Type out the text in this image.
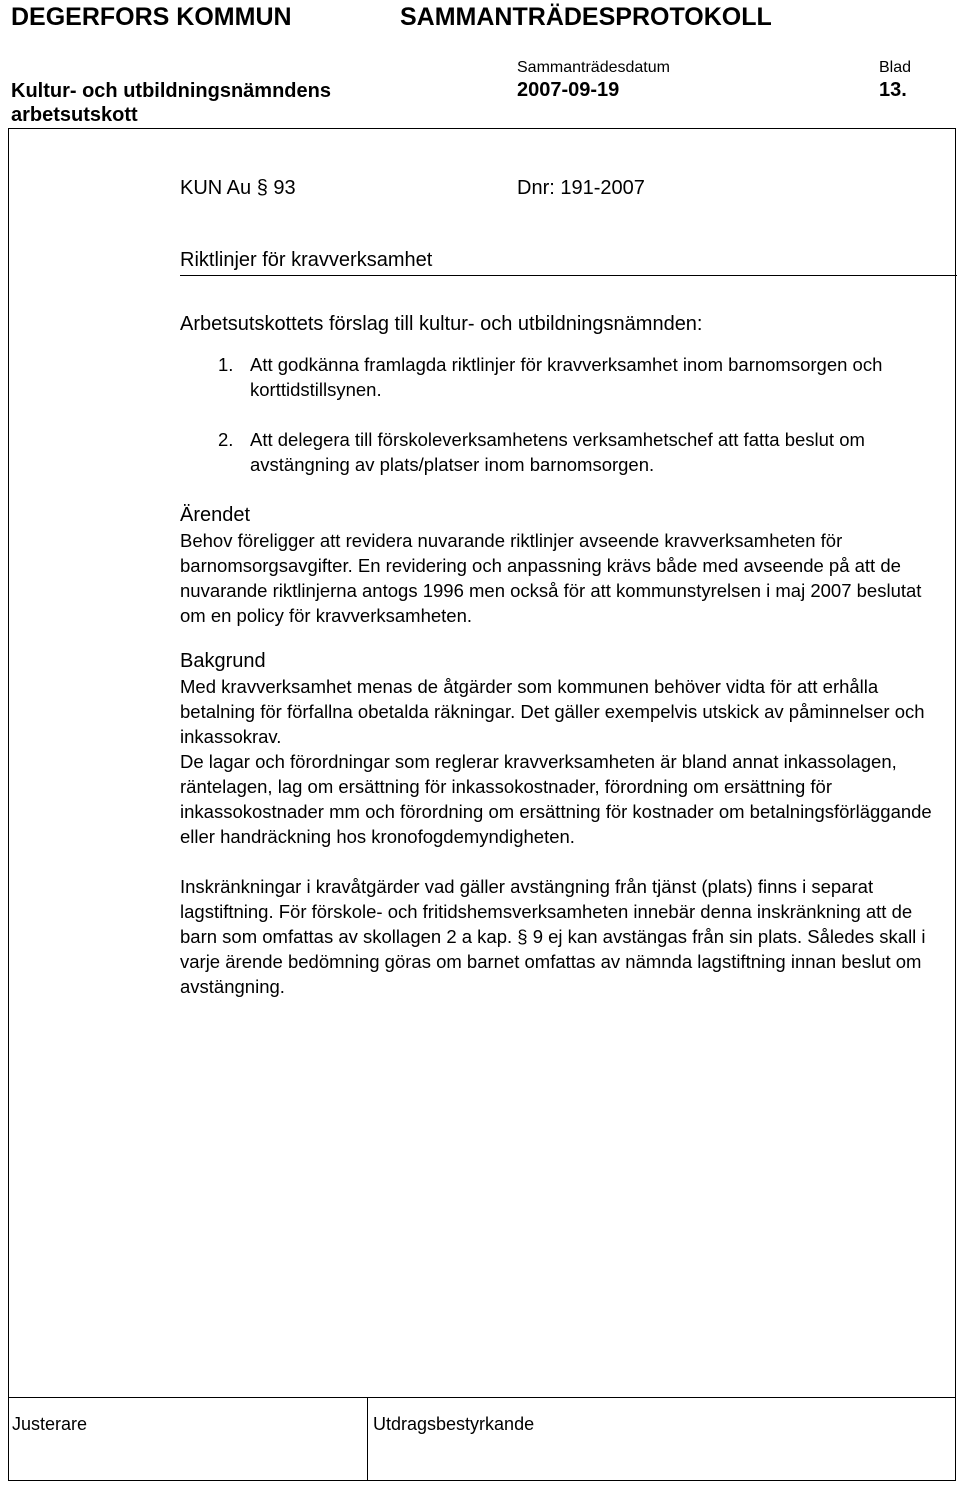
DEGERFORS KOMMUN	SAMMANTRÄDESPROTOKOLL
Sammanträdesdatum	Blad
Kultur- och utbildningsnämndens arbetsutskott
2007-09-19	13.
Justerare	Utdragsbestyrkande
KUN Au § 93	Dnr: 191-2007
Riktlinjer för kravverksamhet
Arbetsutskottets förslag till kultur- och utbildningsnämnden:
1. Att godkänna framlagda riktlinjer för kravverksamhet inom barnomsorgen och korttidstillsynen.
2. Att delegera till förskoleverksamhetens verksamhetschef att fatta beslut om avstängning av plats/platser inom barnomsorgen.
Ärendet

Behov föreligger att revidera nuvarande riktlinjer avseende kravverksamheten för barnomsorgsavgifter. En revidering och anpassning krävs både med avseende på att de nuvarande riktlinjerna antogs 1996 men också för att kommunstyrelsen i maj 2007 beslutat om en policy för kravverksamheten.

Bakgrund

Med kravverksamhet menas de åtgärder som kommunen behöver vidta för att erhålla betalning för förfallna obetalda räkningar. Det gäller exempelvis utskick av påminnelser och inkassokrav.

De lagar och förordningar som reglerar kravverksamheten är bland annat inkassolagen, räntelagen, lag om ersättning för inkassokostnader, förordning om ersättning för inkassokostnader mm och förordning om ersättning för kostnader om betalningsförläggande eller handräckning hos kronofogdemyndigheten.

Inskränkningar i kravåtgärder vad gäller avstängning från tjänst (plats) finns i separat lagstiftning. För förskole- och fritidshemsverksamheten innebär denna inskränkning att de barn som omfattas av skollagen 2 a kap. § 9 ej kan avstängas från sin plats. Således skall i varje ärende bedömning göras om barnet omfattas av nämnda lagstiftning innan beslut om avstängning.
